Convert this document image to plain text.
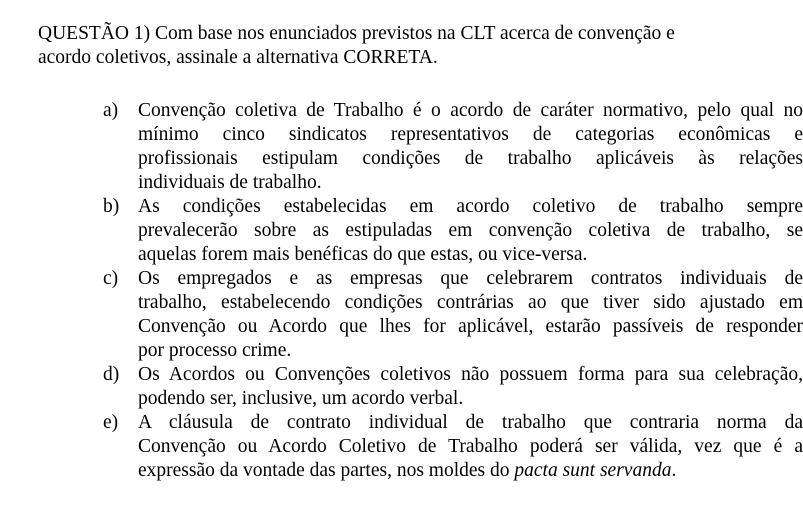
QUESTÃO 1) Com base nos enunciados previstos na CLT acerca de convenção e
acordo coletivos, assinale a alternativa CORRETA.

a) Convenção coletiva de Trabalho é o acordo de caráter normativo, pelo qual no
mínimo cinco sindicatos representativos de categorias econômicas e
profissionais estipulam condições de trabalho aplicáveis às relações
individuais de trabalho.
b) As condições estabelecidas em acordo coletivo de trabalho sempre
prevalecerão sobre as estipuladas em convenção coletiva de trabalho, se
aquelas forem mais benéficas do que estas, ou vice-versa.
c) Os empregados e as empresas que celebrarem contratos individuais de
trabalho, estabelecendo condições contrárias ao que tiver sido ajustado em
Convenção ou Acordo que lhes for aplicável, estarão passíveis de responder
por processo crime.
d) Os Acordos ou Convenções coletivos não possuem forma para sua celebração,
podendo ser, inclusive, um acordo verbal.
e) A cláusula de contrato individual de trabalho que contraria norma da
Convenção ou Acordo Coletivo de Trabalho poderá ser válida, vez que é a
expressão da vontade das partes, nos moldes do pacta sunt servanda.
